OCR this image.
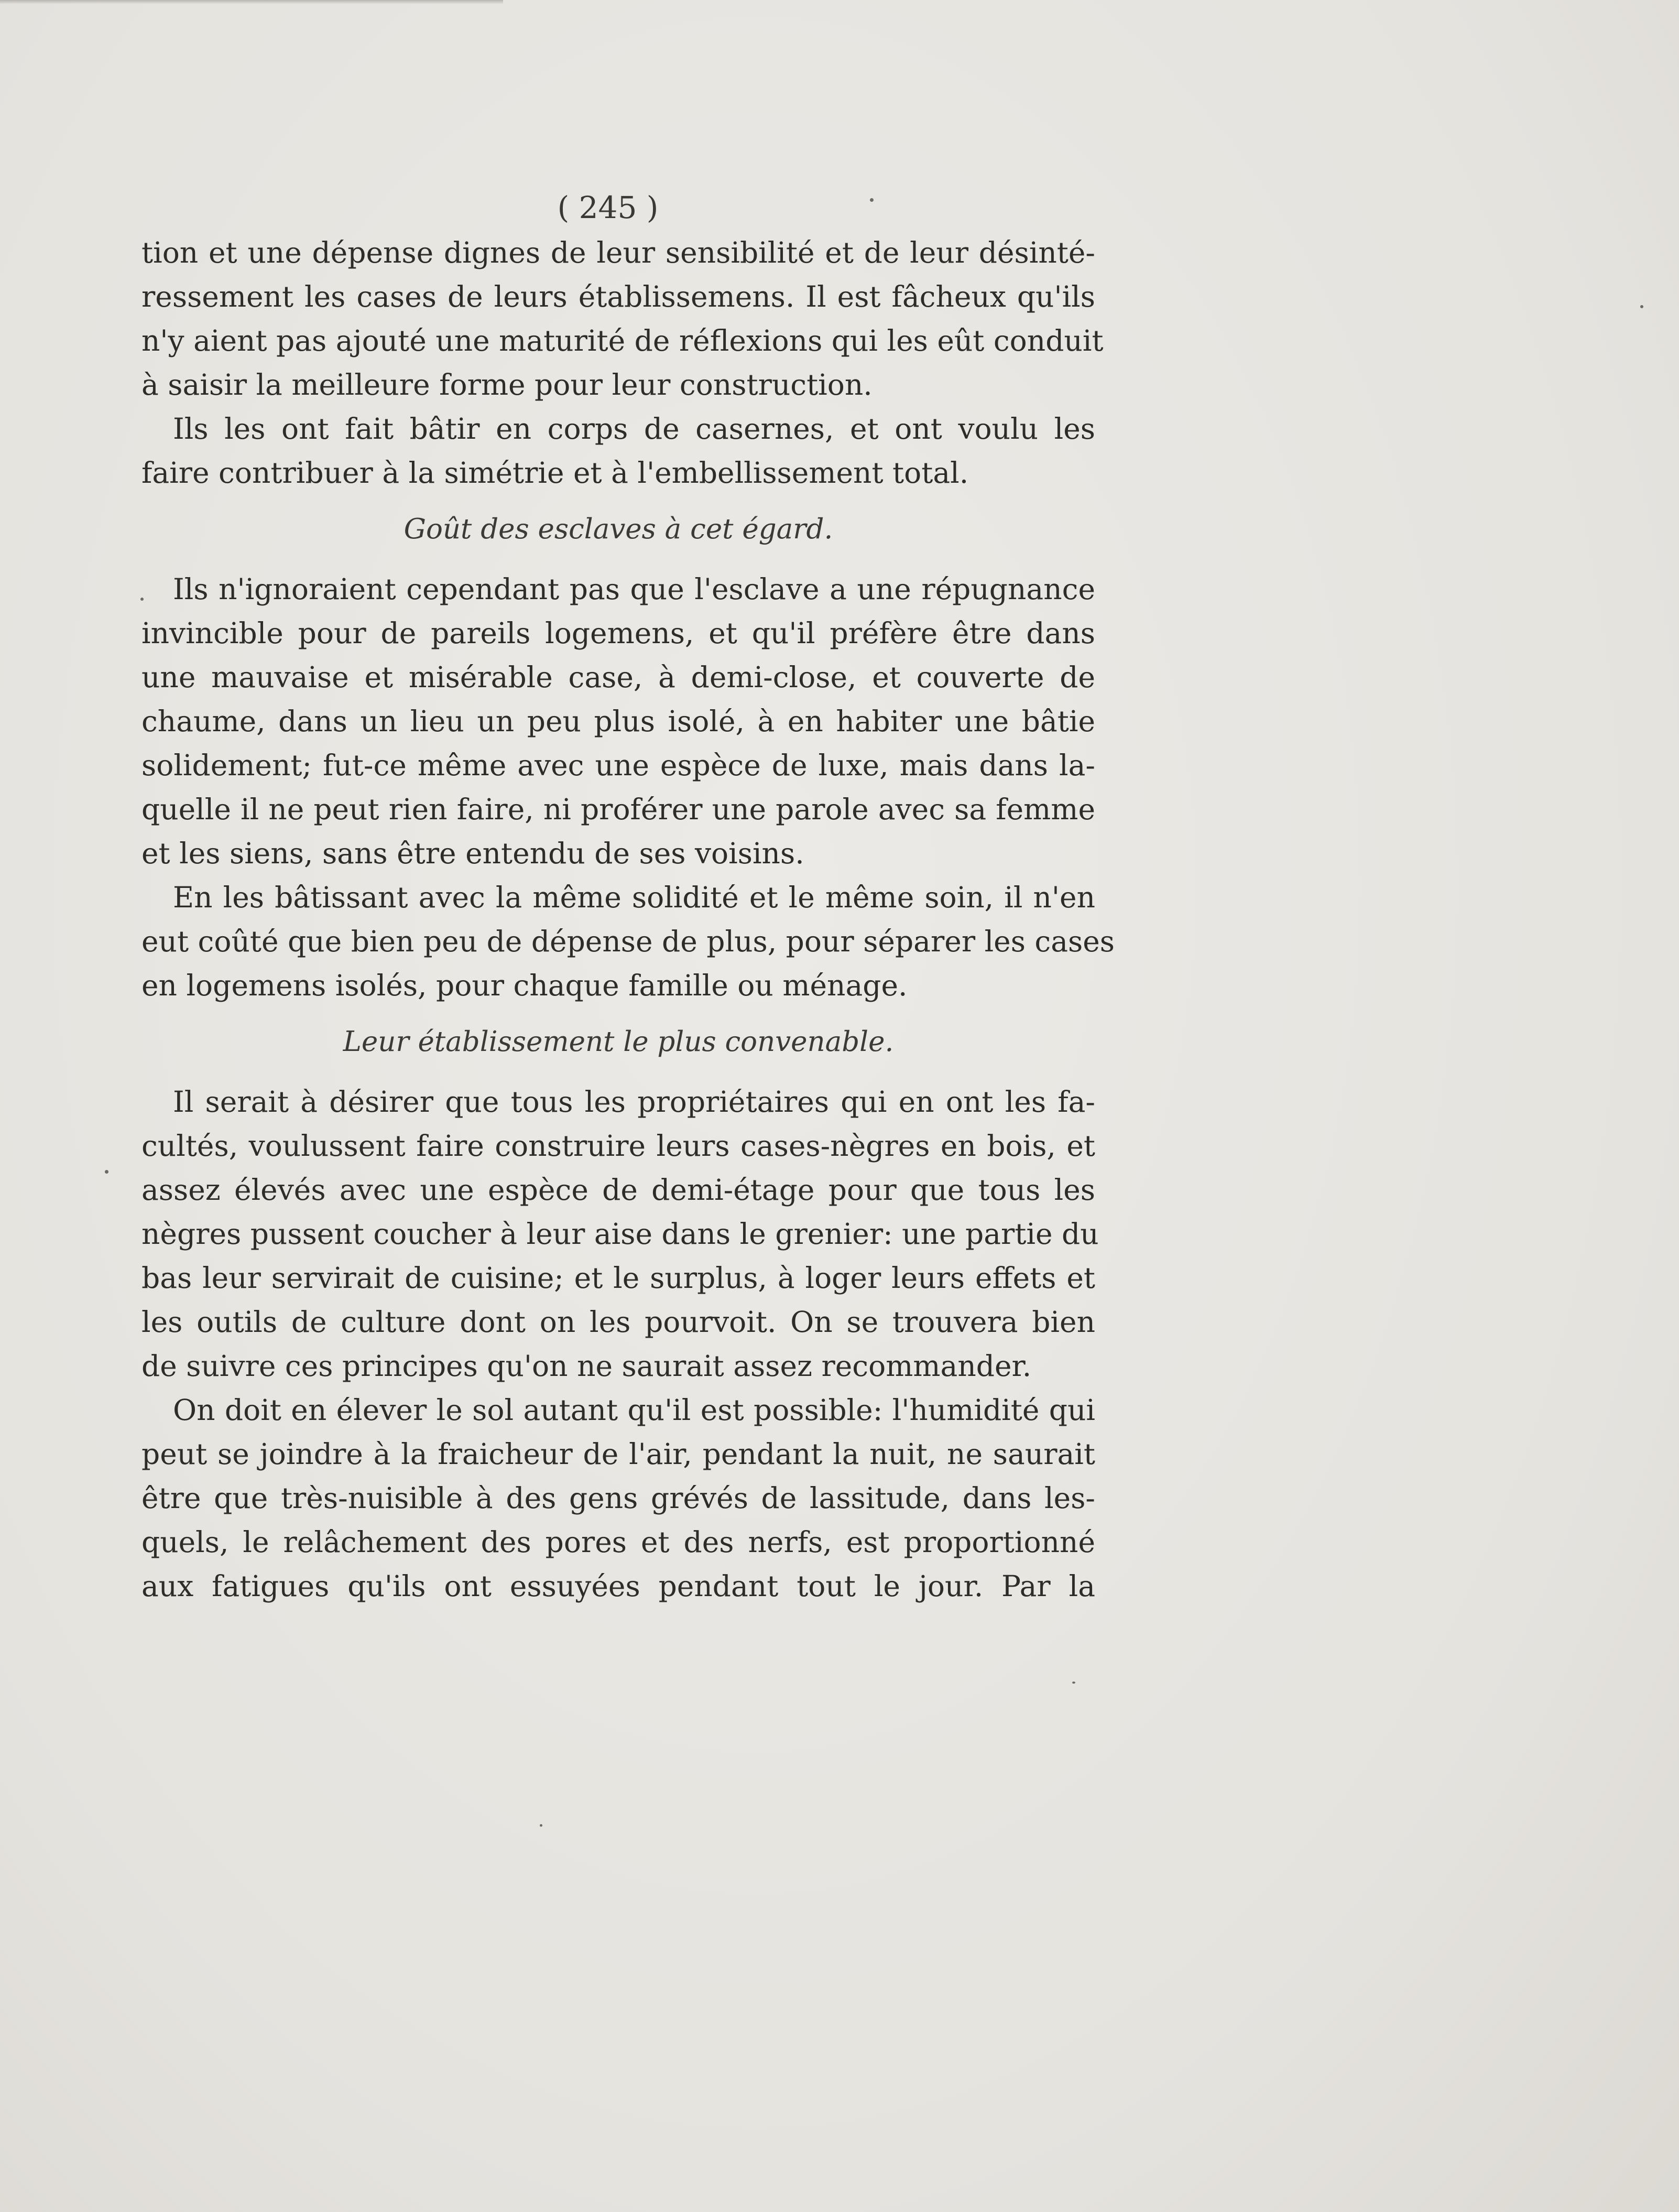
( 245 )
tion et une dépense dignes de leur sensibilité et de leur désinté-
ressement les cases de leurs établissemens. Il est fâcheux qu'ils
n'y aient pas ajouté une maturité de réflexions qui les eût conduit
à saisir la meilleure forme pour leur construction.
Ils les ont fait bâtir en corps de casernes, et ont voulu les
faire contribuer à la simétrie et à l'embellissement total.
Goût des esclaves à cet égard.
Ils n'ignoraient cependant pas que l'esclave a une répugnance
invincible pour de pareils logemens, et qu'il préfère être dans
une mauvaise et misérable case, à demi-close, et couverte de
chaume, dans un lieu un peu plus isolé, à en habiter une bâtie
solidement; fut-ce même avec une espèce de luxe, mais dans la-
quelle il ne peut rien faire, ni proférer une parole avec sa femme
et les siens, sans être entendu de ses voisins.
En les bâtissant avec la même solidité et le même soin, il n'en
eut coûté que bien peu de dépense de plus, pour séparer les cases
en logemens isolés, pour chaque famille ou ménage.
Leur établissement le plus convenable.
Il serait à désirer que tous les propriétaires qui en ont les fa-
cultés, voulussent faire construire leurs cases-nègres en bois, et
assez élevés avec une espèce de demi-étage pour que tous les
nègres pussent coucher à leur aise dans le grenier: une partie du
bas leur servirait de cuisine; et le surplus, à loger leurs effets et
les outils de culture dont on les pourvoit. On se trouvera bien
de suivre ces principes qu'on ne saurait assez recommander.
On doit en élever le sol autant qu'il est possible: l'humidité qui
peut se joindre à la fraicheur de l'air, pendant la nuit, ne saurait
être que très-nuisible à des gens grévés de lassitude, dans les-
quels, le relâchement des pores et des nerfs, est proportionné
aux fatigues qu'ils ont essuyées pendant tout le jour. Par la
